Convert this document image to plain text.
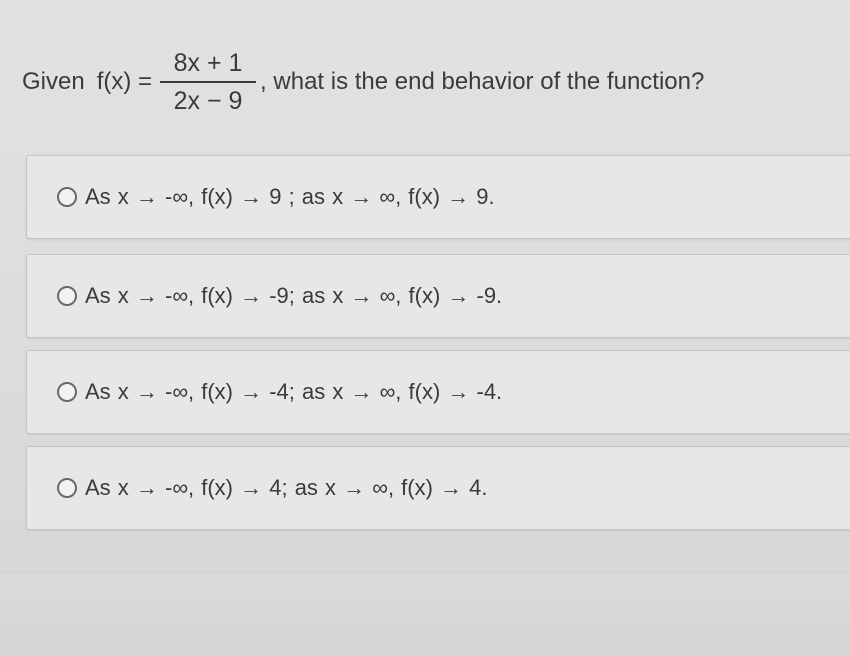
Given $f(x) = \frac{8x + 1}{2x - 9}$ , what is the end behavior of the function?
As x → -∞, f(x) → 9 ; as x → ∞, f(x) → 9.
As x → -∞, f(x) → -9; as x → ∞, f(x) → -9.
As x → -∞, f(x) → -4; as x → ∞, f(x) → -4.
As x → -∞, f(x) → 4; as x → ∞, f(x) → 4.
